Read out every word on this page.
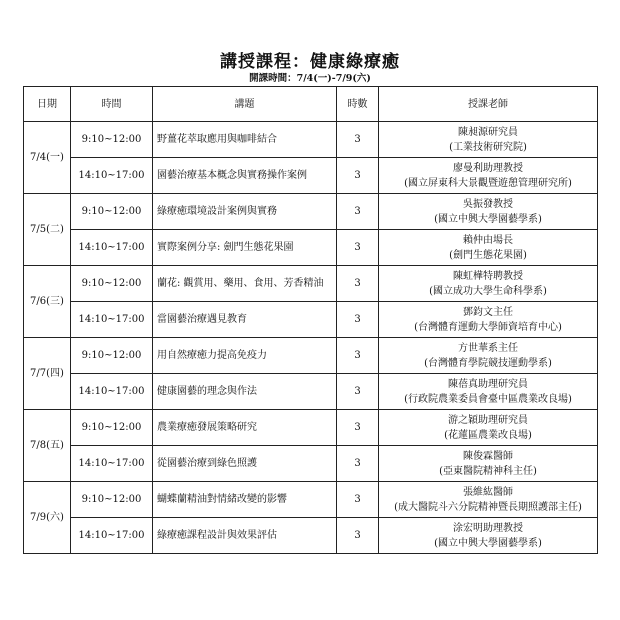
講授課程：健康綠療癒
開課時間：7/4(一)-7/9(六)
日期	時間	講題	時數	授課老師
7/4(一)	9:10~12:00	野薑花萃取應用與咖啡結合	3	陳昶源研究員
(工業技術研究院)

	14:10~17:00	園藝治療基本概念與實務操作案例	3	廖曼利助理教授
(國立屏東科大景觀暨遊憩管理研究所)

7/5(二)	9:10~12:00	綠療癒環境設計案例與實務	3	吳振發教授
(國立中興大學園藝學系)

	14:10~17:00	實際案例分享: 劍門生態花果園	3	賴仲由場長
(劍門生態花果園)

7/6(三)	9:10~12:00	蘭花: 觀賞用、藥用、食用、芳香精油	3	陳虹樺特聘教授
(國立成功大學生命科學系)

	14:10~17:00	當園藝治療遇見教育	3	鄧鈞文主任
(台灣體育運動大學師資培育中心)

7/7(四)	9:10~12:00	用自然療癒力提高免疫力	3	方世華系主任
(台灣體育學院競技運動學系)

	14:10~17:00	健康園藝的理念與作法	3	陳蓓真助理研究員
(行政院農業委員會臺中區農業改良場)

7/8(五)	9:10~12:00	農業療癒發展策略研究	3	游之穎助理研究員
(花蓮區農業改良場)

	14:10~17:00	從園藝治療到綠色照護	3	陳俊霖醫師
(亞東醫院精神科主任)

7/9(六)	9:10~12:00	蝴蝶蘭精油對情緒改變的影響	3	張維紘醫師
(成大醫院斗六分院精神暨長期照護部主任)

	14:10~17:00	綠療癒課程設計與效果評估	3	涂宏明助理教授
(國立中興大學園藝學系)
